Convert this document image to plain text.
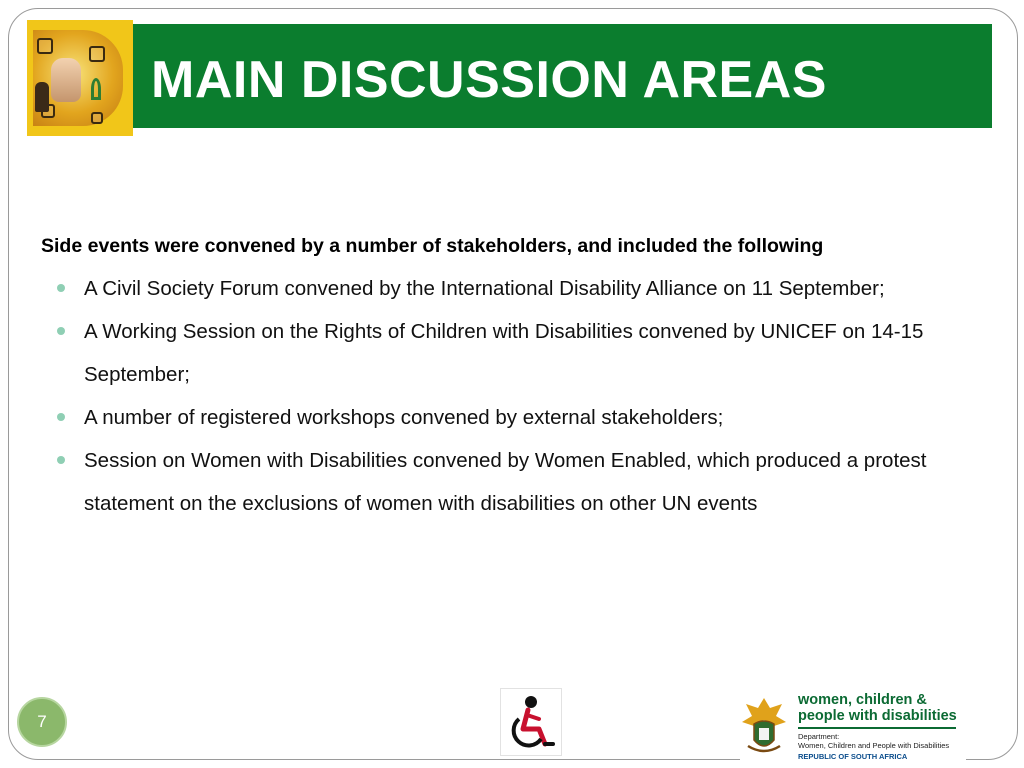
MAIN DISCUSSION AREAS

Side events were convened by a number of stakeholders, and included the following

A Civil Society Forum convened by the International Disability Alliance on 11 September;
A Working Session on the Rights of Children with Disabilities convened by UNICEF on 14-15 September;
A number of registered workshops convened by external stakeholders;
Session on Women with Disabilities convened by Women Enabled, which produced a protest statement on the exclusions of women with disabilities on other UN events
7
women, children &
people with disabilities
Department:
Women, Children and People with Disabilities
REPUBLIC OF SOUTH AFRICA
